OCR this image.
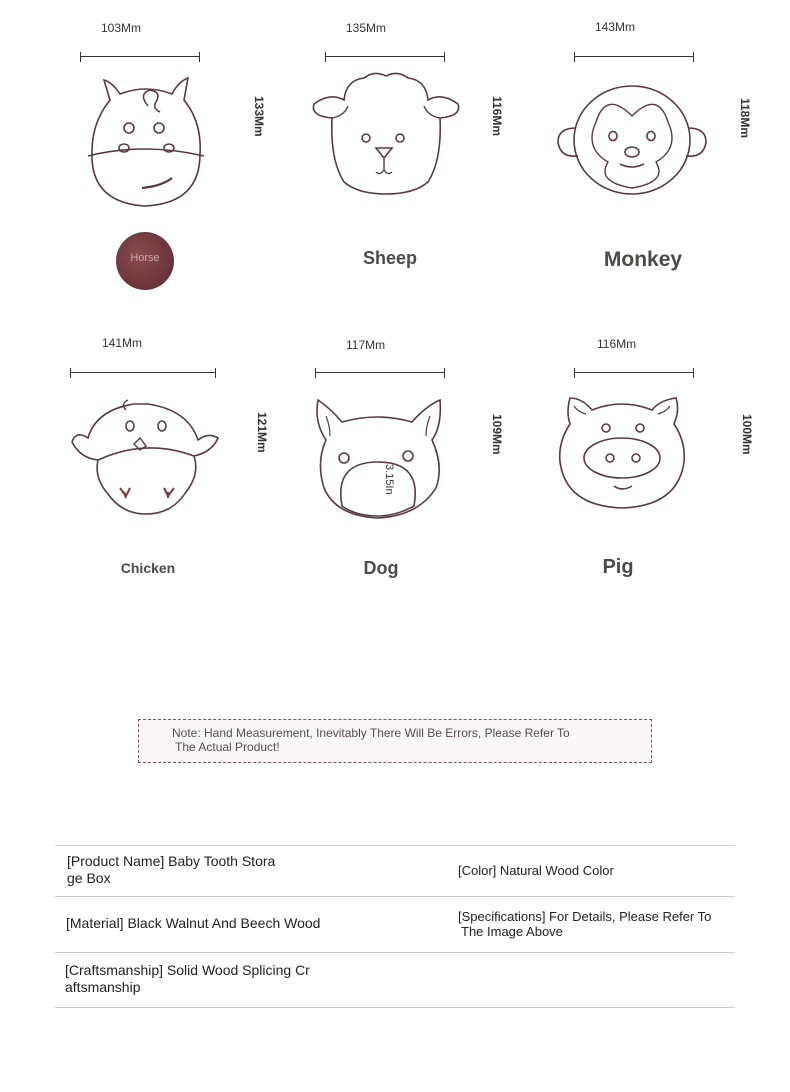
103Mm
133Mm
Horse
135Mm
116Mm
Sheep
143Mm
118Mm
Monkey
141Mm
121Mm
Chicken
117Mm
109Mm
3.15In
Dog
116Mm
100Mm
Pig
Note: Hand Measurement, Inevitably There Will Be Errors, Please Refer To
The Actual Product!
[Product Name] Baby Tooth Stora
ge Box	[Color] Natural Wood Color
[Material] Black Walnut And Beech Wood	[Specifications] For Details, Please Refer To
The Image Above
[Craftsmanship] Solid Wood Splicing Cr
aftsmanship
